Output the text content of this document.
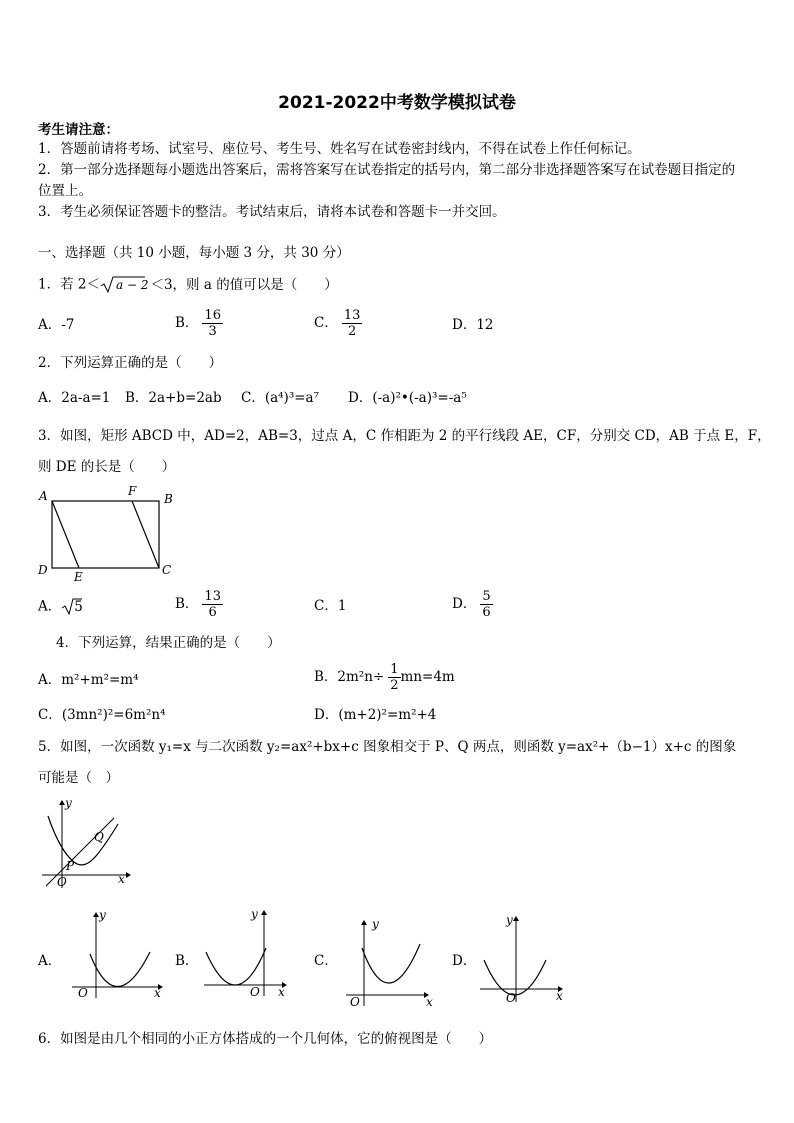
2021-2022中考数学模拟试卷
考生请注意：
1．答题前请将考场、试室号、座位号、考生号、姓名写在试卷密封线内，不得在试卷上作任何标记。
2．第一部分选择题每小题选出答案后，需将答案写在试卷指定的括号内，第二部分非选择题答案写在试卷题目指定的
位置上。
3．考生必须保证答题卡的整洁。考试结束后，请将本试卷和答题卡一并交回。
一、选择题（共 10 小题，每小题 3 分，共 30 分）
1．若 2＜ a − 2 ＜3，则 a 的值可以是（　　）
A．-7	B． $\frac{16}{3}$	C． $\frac{13}{2}$	D．12
2．下列运算正确的是（　　）
A．2a-a=1 B．2a+b=2ab C．(a⁴)³=a⁷ D．(-a)²•(-a)³=-a⁵
3．如图，矩形 ABCD 中，AD=2，AB=3，过点 A，C 作相距为 2 的平行线段 AE，CF，分别交 CD，AB 于点 E，F，
则 DE 的长是（　　）
A	F
B
D E	C
A． 5	B． $\frac{13}{6}$	C．1	D． $\frac{5}{6}$
4．下列运算，结果正确的是（　　）
A．m²+m²=m⁴	B．$2m^2n\div \frac{1}{2} mn=4m$
C．(3mn²)²=6m²n⁴	D．(m+2)²=m²+4
5．如图，一次函数 y₁=x 与二次函数 y₂=ax²+bx+c 图象相交于 P、Q 两点，则函数 y=ax²+（b−1）x+c 的图象
可能是（　）
x
y
O
P
Q
A．
x
y
O
B．
x
y
O
C．
x
y
O
D．
x
y
O
6．如图是由几个相同的小正方体搭成的一个几何体，它的俯视图是（　　）
